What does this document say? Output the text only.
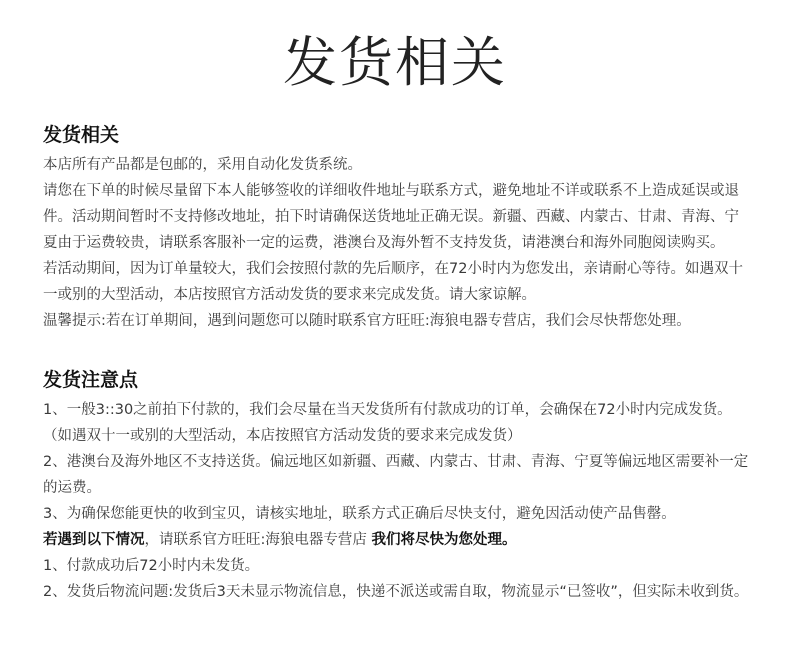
发货相关
发货相关

本店所有产品都是包邮的，采用自动化发货系统。

请您在下单的时候尽量留下本人能够签收的详细收件地址与联系方式，避免地址不详或联系不上造成延误或退件。活动期间暂时不支持修改地址，拍下时请确保送货地址正确无误。新疆、西藏、内蒙古、甘肃、青海、宁夏由于运费较贵，请联系客服补一定的运费，港澳台及海外暂不支持发货，请港澳台和海外同胞阅读购买。

若活动期间，因为订单量较大，我们会按照付款的先后顺序，在72小时内为您发出，亲请耐心等待。如遇双十一或别的大型活动，本店按照官方活动发货的要求来完成发货。请大家谅解。

温馨提示:若在订单期间，遇到问题您可以随时联系官方旺旺:海狼电器专营店，我们会尽快帮您处理。

发货注意点

1、一般3::30之前拍下付款的，我们会尽量在当天发货所有付款成功的订单，会确保在72小时内完成发货。（如遇双十一或别的大型活动，本店按照官方活动发货的要求来完成发货）

2、港澳台及海外地区不支持送货。偏远地区如新疆、西藏、内蒙古、甘肃、青海、宁夏等偏远地区需要补一定的运费。

3、为确保您能更快的收到宝贝，请核实地址，联系方式正确后尽快支付，避免因活动使产品售罄。

若遇到以下情况，请联系官方旺旺:海狼电器专营店 我们将尽快为您处理。

1、付款成功后72小时内未发货。

2、发货后物流问题:发货后3天未显示物流信息，快递不派送或需自取，物流显示“已签收”，但实际未收到货。
